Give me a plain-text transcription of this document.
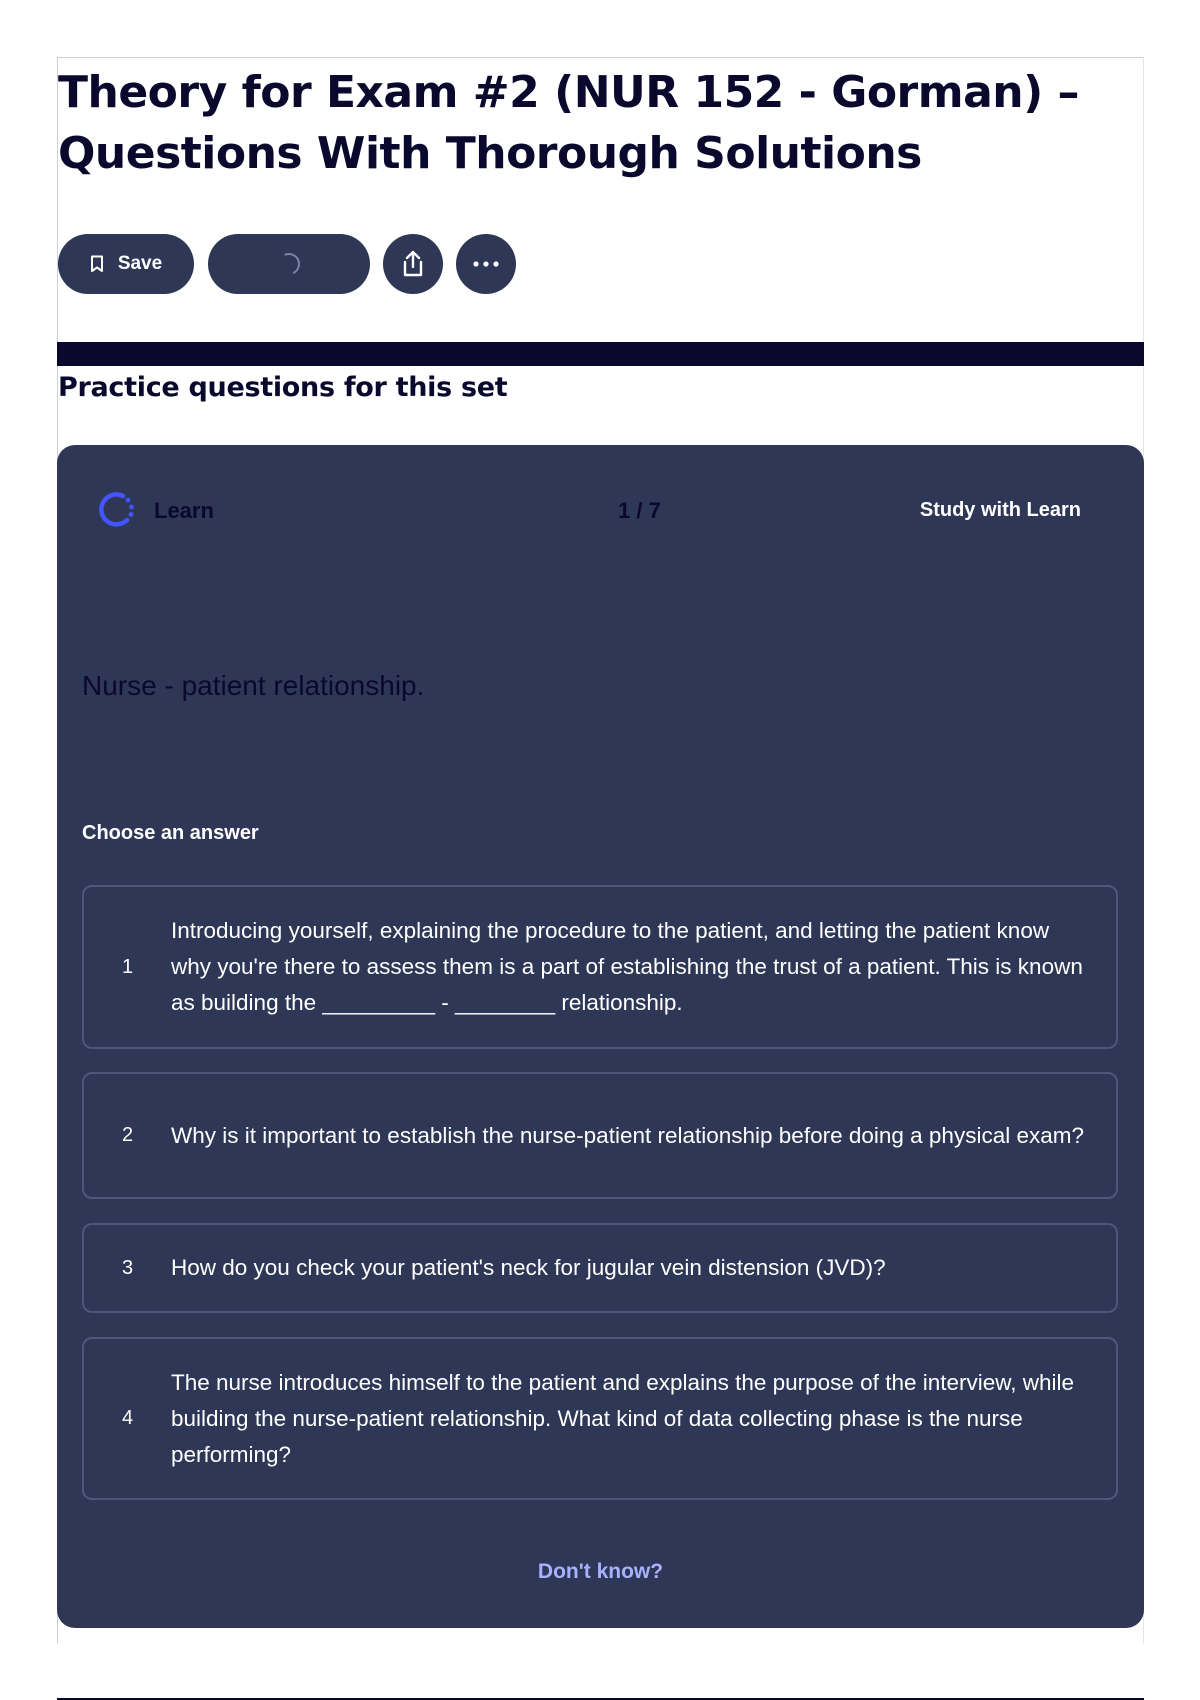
Theory for Exam #2 (NUR 152 - Gorman) –
Questions With Thorough Solutions
Save
Practice questions for this set
Learn	1 / 7	Study with Learn
Nurse - patient relationship.
Choose an answer
1
Introducing yourself, explaining the procedure to the patient, and letting the patient know why you're there to assess them is a part of establishing the trust of a patient. This is known as building the _________ - ________ relationship.
2	Why is it important to establish the nurse-patient relationship before doing a physical exam?
3	How do you check your patient's neck for jugular vein distension (JVD)?
4
The nurse introduces himself to the patient and explains the purpose of the interview, while building the nurse-patient relationship. What kind of data collecting phase is the nurse performing?
Don't know?
